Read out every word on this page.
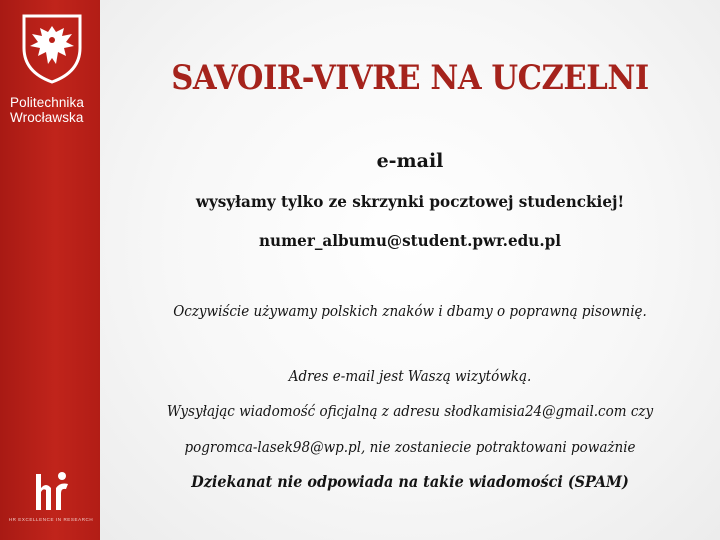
Politechnika
Wrocławska
HR EXCELLENCE IN RESEARCH
SAVOIR-VIVRE NA UCZELNI
e-mail
wysyłamy tylko ze skrzynki pocztowej studenckiej!
numer_albumu@student.pwr.edu.pl
Oczywiście używamy polskich znaków i dbamy o poprawną pisownię.
Adres e-mail jest Waszą wizytówką.
Wysyłając wiadomość oficjalną z adresu słodkamisia24@gmail.com czy
pogromca-lasek98@wp.pl, nie zostaniecie potraktowani poważnie
Dziekanat nie odpowiada na takie wiadomości (SPAM)
